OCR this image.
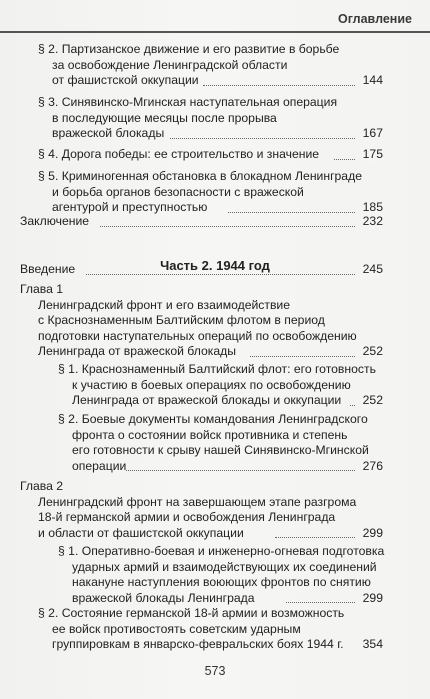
Оглавление
§ 2. Партизанское движение и его развитие в борьбе
за освобождение Ленинградской области
от фашистской оккупации	144
§ 3. Синявинско-Мгинская наступательная операция
в последующие месяцы после прорыва
вражеской блокады	167
§ 4. Дорога победы: ее строительство и значение	175
§ 5. Криминогенная обстановка в блокадном Ленинграде
и борьба органов безопасности с вражеской
агентурой и преступностью	185
Заключение	232
Часть 2. 1944 год
Введение	245
Глава 1
Ленинградский фронт и его взаимодействие
с Краснознаменным Балтийским флотом в период
подготовки наступательных операций по освобождению
Ленинграда от вражеской блокады	252
§ 1. Краснознаменный Балтийский флот: его готовность
к участию в боевых операциях по освобождению
Ленинграда от вражеской блокады и оккупации 252
§ 2. Боевые документы командования Ленинградского
фронта о состоянии войск противника и степень
его готовности к срыву нашей Синявинско-Мгинской
операции	276
Глава 2
Ленинградский фронт на завершающем этапе разгрома
18-й германской армии и освобождения Ленинграда
и области от фашистской оккупации	299
§ 1. Оперативно-боевая и инженерно-огневая подготовка
ударных армий и взаимодействующих их соединений
накануне наступления воюющих фронтов по снятию
вражеской блокады Ленинграда	299
§ 2. Состояние германской 18-й армии и возможность
ее войск противостоять советским ударным
группировкам в январско-февральских боях 1944 г. 354
573
